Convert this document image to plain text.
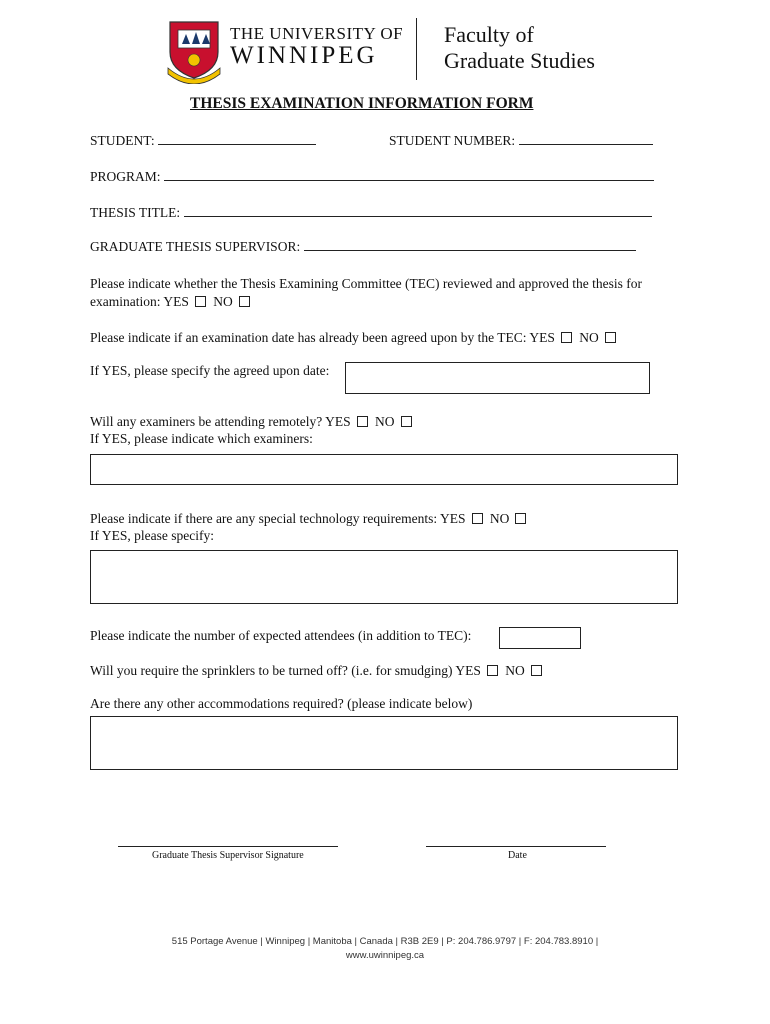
THE UNIVERSITY OF
WINNIPEG
Faculty of
Graduate Studies
THESIS EXAMINATION INFORMATION FORM
STUDENT:	STUDENT NUMBER:
PROGRAM:
THESIS TITLE:
GRADUATE THESIS SUPERVISOR:
Please indicate whether the Thesis Examining Committee (TEC) reviewed and approved the thesis for
examination: YES NO
Please indicate if an examination date has already been agreed upon by the TEC: YES NO
If YES, please specify the agreed upon date:
Will any examiners be attending remotely? YES NO
If YES, please indicate which examiners:
Please indicate if there are any special technology requirements: YES NO
If YES, please specify:
Please indicate the number of expected attendees (in addition to TEC):
Will you require the sprinklers to be turned off? (i.e. for smudging) YES NO
Are there any other accommodations required? (please indicate below)
Graduate Thesis Supervisor Signature	Date
515 Portage Avenue | Winnipeg | Manitoba | Canada | R3B 2E9 | P: 204.786.9797 | F: 204.783.8910 |
www.uwinnipeg.ca
